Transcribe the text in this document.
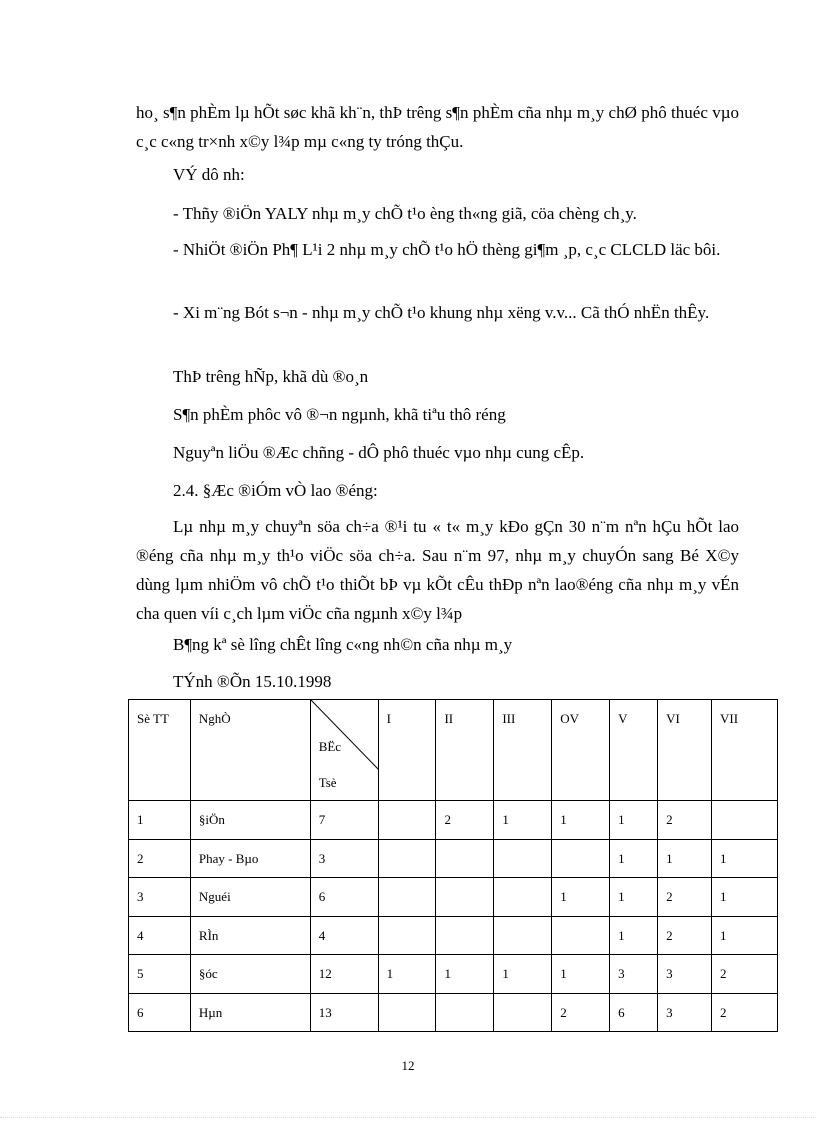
ho¸ s¶n phÈm lµ hÕt søc khã kh¨n, thÞ trêng s¶n phÈm cña nhµ m¸y chØ phô thuéc vµo c¸c c«ng tr×nh x©y l¾p mµ c«ng ty tróng thÇu.

VÝ dô nh:

- Thñy ®iÖn YALY nhµ m¸y chÕ t¹o èng th«ng giã, cöa chèng ch¸y.

- NhiÖt ®iÖn Ph¶ L¹i 2 nhµ m¸y chÕ t¹o hÖ thèng gi¶m ¸p, c¸c CLCLD läc bôi.

- Xi m¨ng Bót s¬n - nhµ m¸y chÕ t¹o khung nhµ xëng v.v... Cã thÓ nhËn thÊy.

ThÞ trêng hÑp, khã dù ®o¸n

S¶n phÈm phôc vô ®¬n ngµnh, khã tiªu thô réng

Nguyªn liÖu ®Æc chñng - dÔ phô thuéc vµo nhµ cung cÊp.

2.4. §Æc ®iÓm vÒ lao ®éng:

Lµ nhµ m¸y chuyªn söa ch÷a ®¹i tu « t« m¸y kÐo gÇn 30 n¨m nªn hÇu hÕt lao ®éng cña nhµ m¸y th¹o viÖc söa ch÷a. Sau n¨m 97, nhµ m¸y chuyÓn sang Bé X©y dùng lµm nhiÖm vô chÕ t¹o thiÕt bÞ vµ kÕt cÊu thÐp nªn lao®éng cña nhµ m¸y vÉn cha quen víi c¸ch lµm viÖc cña ngµnh x©y l¾p

B¶ng kª sè lîng chÊt lîng c«ng nh©n cña nhµ m¸y

TÝnh ®Õn 15.10.1998

Sè TT	NghÒ	BËc
Tsè	I	II	III	OV	V	VI	VII
1	§iÖn	7		2	1	1	1	2	
2	Phay - Bµo	3					1	1	1
3	Nguéi	6				1	1	2	1
4	RÌn	4					1	2	1
5	§óc	12	1	1	1	1	3	3	2
6	Hµn	13				2	6	3	2
12
